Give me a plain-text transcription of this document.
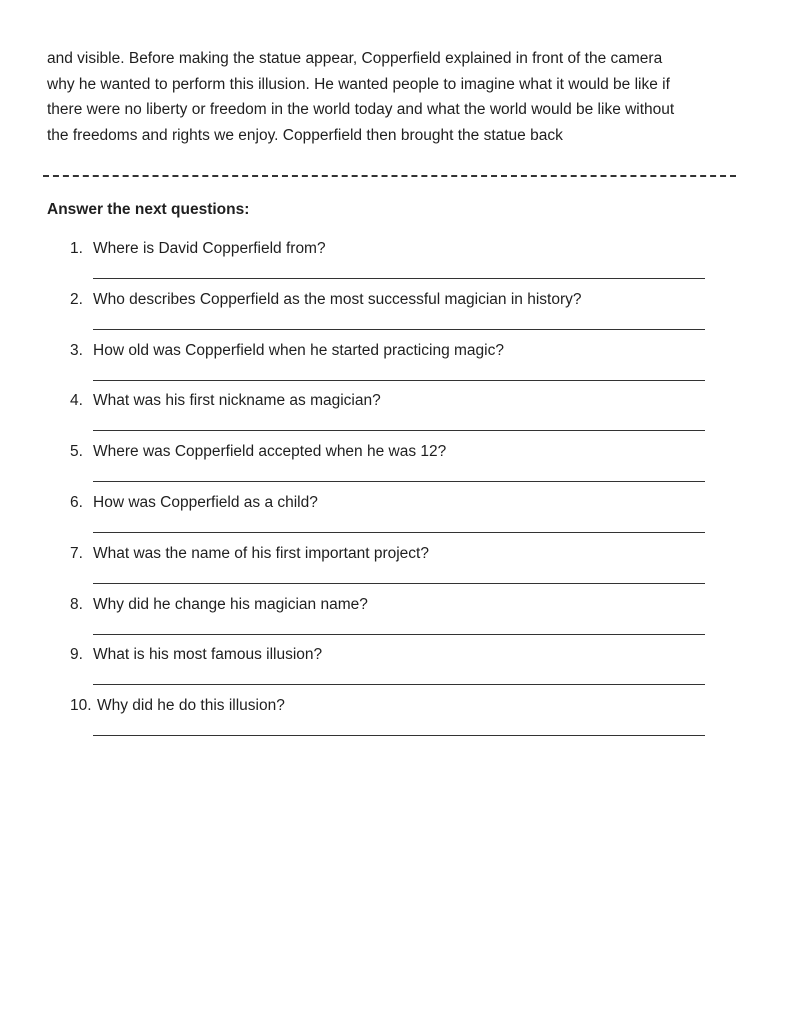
and visible. Before making the statue appear, Copperfield explained in front of the camera
why he wanted to perform this illusion. He wanted people to imagine what it would be like if
there were no liberty or freedom in the world today and what the world would be like without
the freedoms and rights we enjoy. Copperfield then brought the statue back
Answer the next questions:
1. Where is David Copperfield from?
2. Who describes Copperfield as the most successful magician in history?
3. How old was Copperfield when he started practicing magic?
4. What was his first nickname as magician?
5. Where was Copperfield accepted when he was 12?
6. How was Copperfield as a child?
7. What was the name of his first important project?
8. Why did he change his magician name?
9. What is his most famous illusion?
10. Why did he do this illusion?
